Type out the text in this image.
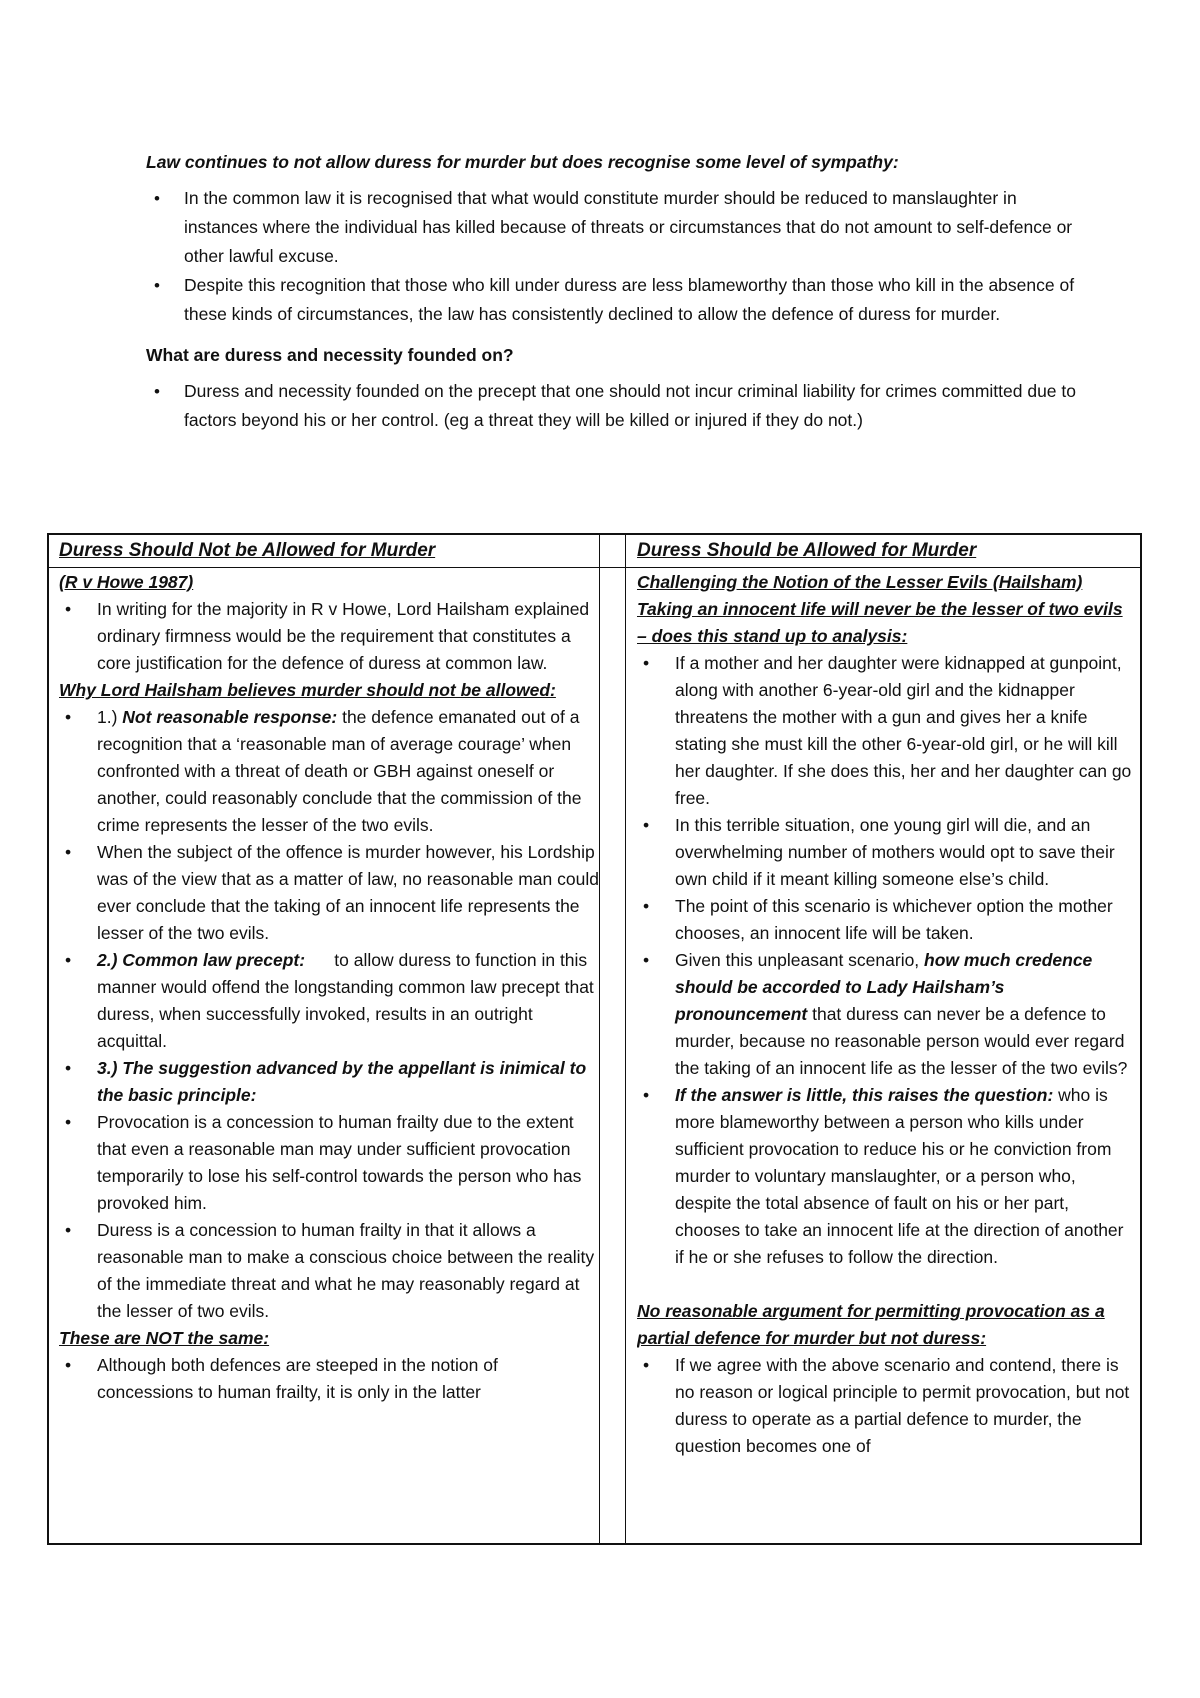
Law continues to not allow duress for murder but does recognise some level of sympathy:

• In the common law it is recognised that what would constitute murder should be reduced to manslaughter in instances where the individual has killed because of threats or circumstances that do not amount to self-defence or other lawful excuse.
• Despite this recognition that those who kill under duress are less blameworthy than those who kill in the absence of these kinds of circumstances, the law has consistently declined to allow the defence of duress for murder.

What are duress and necessity founded on?

• Duress and necessity founded on the precept that one should not incur criminal liability for crimes committed due to factors beyond his or her control. (eg a threat they will be killed or injured if they do not.)

Duress Should Not be Allowed for Murder

(R v Howe 1987)
• In writing for the majority in R v Howe, Lord Hailsham explained ordinary firmness would be the requirement that constitutes a core justification for the defence of duress at common law.
Why Lord Hailsham believes murder should not be allowed:
• 1.) Not reasonable response: the defence emanated out of a recognition that a ‘reasonable man of average courage’ when confronted with a threat of death or GBH against oneself or another, could reasonably conclude that the commission of the crime represents the lesser of the two evils.
• When the subject of the offence is murder however, his Lordship was of the view that as a matter of law, no reasonable man could ever conclude that the taking of an innocent life represents the lesser of the two evils.
• 2.) Common law precept:      to allow duress to function in this manner would offend the longstanding common law precept that duress, when successfully invoked, results in an outright acquittal.
• 3.) The suggestion advanced by the appellant is inimical to the basic principle:
• Provocation is a concession to human frailty due to the extent that even a reasonable man may under sufficient provocation temporarily to lose his self-control towards the person who has provoked him.
• Duress is a concession to human frailty in that it allows a reasonable man to make a conscious choice between the reality of the immediate threat and what he may reasonably regard at the lesser of two evils.
These are NOT the same:
• Although both defences are steeped in the notion of concessions to human frailty, it is only in the latter

Duress Should be Allowed for Murder

Challenging the Notion of the Lesser Evils (Hailsham) Taking an innocent life will never be the lesser of two evils – does this stand up to analysis:
• If a mother and her daughter were kidnapped at gunpoint, along with another 6-year-old girl and the kidnapper threatens the mother with a gun and gives her a knife stating she must kill the other 6-year-old girl, or he will kill her daughter. If she does this, her and her daughter can go free.
• In this terrible situation, one young girl will die, and an overwhelming number of mothers would opt to save their own child if it meant killing someone else’s child.
• The point of this scenario is whichever option the mother chooses, an innocent life will be taken.
• Given this unpleasant scenario, how much credence should be accorded to Lady Hailsham’s pronouncement that duress can never be a defence to murder, because no reasonable person would ever regard the taking of an innocent life as the lesser of the two evils?
• If the answer is little, this raises the question: who is more blameworthy between a person who kills under sufficient provocation to reduce his or he conviction from murder to voluntary manslaughter, or a person who, despite the total absence of fault on his or her part, chooses to take an innocent life at the direction of another if he or she refuses to follow the direction.
No reasonable argument for permitting provocation as a partial defence for murder but not duress:
• If we agree with the above scenario and contend, there is no reason or logical principle to permit provocation, but not duress to operate as a partial defence to murder, the question becomes one of
